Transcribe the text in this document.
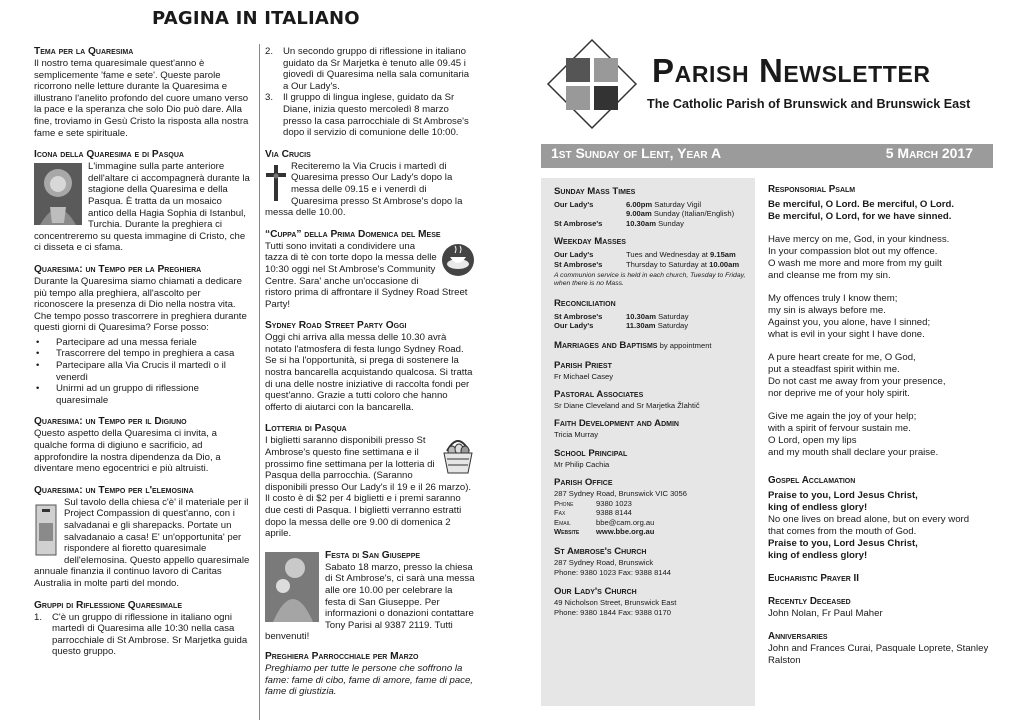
PAGINA IN ITALIANO
Tema per la Quaresima

Il nostro tema quaresimale quest'anno è semplicemente 'fame e sete'. Queste parole ricorrono nelle letture durante la Quaresima e illustrano l'anelito profondo del cuore umano verso la pace e la speranza che solo Dio può dare. Alla fine, troviamo in Gesù Cristo la risposta alla nostra fame e sete spirituale.

Icona della Quaresima e di Pasqua

L'immagine sulla parte anteriore dell'altare ci accompagnerà durante la stagione della Quaresima e della Pasqua. È tratta da un mosaico antico della Hagia Sophia di Istanbul, Turchia. Durante la preghiera ci concentreremo su questa immagine di Cristo, che ci disseta e ci sfama.

Quaresima: un Tempo per la Preghiera

Durante la Quaresima siamo chiamati a dedicare più tempo alla preghiera, all'ascolto per riconoscere la presenza di Dio nella nostra vita. Che tempo posso trascorrere in preghiera durante questi giorni di Quaresima? Forse posso:

• Partecipare ad una messa feriale
• Trascorrere del tempo in preghiera a casa
• Partecipare alla Via Crucis il martedì o il venerdì
• Unirmi ad un gruppo di riflessione quaresimale
Quaresima: un Tempo per il Digiuno

Questo aspetto della Quaresima ci invita, a qualche forma di digiuno e sacrificio, ad approfondire la nostra dipendenza da Dio, a diventare meno egocentrici e più altruisti.

Quaresima: un Tempo per l'elemosina

Sul tavolo della chiesa c'è' il materiale per il Project Compassion di quest'anno, con i salvadanai e gli sharepacks. Portate un salvadanaio a casa! E' un'opportunita' per rispondere al fioretto quaresimale dell'elemosina. Questo appello quaresimale annuale finanzia il continuo lavoro di Caritas Australia in molte parti del mondo.

Gruppi di Riflessione Quaresimale
1. C'è un gruppo di riflessione in italiano ogni martedì di Quaresima alle 10:30 nella casa parrocchiale di St Ambrose. Sr Marjetka guida questo gruppo.
2. Un secondo gruppo di riflessione in italiano guidato da Sr Marjetka è tenuto alle 09.45 i giovedì di Quaresima nella sala comunitaria a Our Lady's.
3. Il gruppo di lingua inglese, guidato da Sr Diane, inizia questo mercoledì 8 marzo presso la casa parrocchiale di St Ambrose's dopo il servizio di comunione delle 10:00.
Via Crucis

Reciteremo la Via Crucis i martedì di Quaresima presso Our Lady's dopo la messa delle 09.15 e i venerdì di Quaresima presso St Ambrose's dopo la messa delle 10.00.

“Cuppa” della Prima Domenica del Mese

Tutti sono invitati a condividere una tazza di tè con torte dopo la messa delle 10:30 oggi nel St Ambrose's Community Centre. Sara' anche un'occasione di ristoro prima di affrontare il Sydney Road Street Party!

Sydney Road Street Party Oggi

Oggi chi arriva alla messa delle 10.30 avrà notato l'atmosfera di festa lungo Sydney Road. Se si ha l'opportunità, si prega di sostenere la nostra bancarella acquistando qualcosa. Si tratta di una delle nostre iniziative di raccolta fondi per quest'anno. Grazie a tutti coloro che hanno offerto di aiutarci con la bancarella.

Lotteria di Pasqua

I biglietti saranno disponibili presso St Ambrose's questo fine settimana e il prossimo fine settimana per la lotteria di Pasqua della parrocchia. (Saranno disponibili presso Our Lady's il 19 e il 26 marzo). Il costo è di $2 per 4 biglietti e i premi saranno due cesti di Pasqua. I biglietti verranno estratti dopo la messa delle ore 9.00 di domenica 2 aprile.

Festa di San Giuseppe

Sabato 18 marzo, presso la chiesa di St Ambrose's, ci sarà una messa alle ore 10.00 per celebrare la festa di San Giuseppe. Per informazioni o donazioni contattare Tony Parisi al 9387 2119. Tutti benvenuti!

Preghiera Parrocchiale per Marzo

Preghiamo per tutte le persone che soffrono la fame: fame di cibo, fame di amore, fame di pace, fame di giustizia.

Parish Newsletter
The Catholic Parish of Brunswick and Brunswick East
1st Sunday of Lent, Year A	5 March 2017
Sunday Mass Times
Our Lady's	6.00pm Saturday Vigil
9.00am Sunday (Italian/English)
St Ambrose's	10.30am Sunday
Weekday Masses
Our Lady's	Tues and Wednesday at 9.15am
St Ambrose's	Thursday to Saturday at 10.00am

A communion service is held in each church, Tuesday to Friday, when there is no Mass.

Reconciliation
St Ambrose's	10.30am Saturday
Our Lady's	11.30am Saturday
Marriages and Baptisms by appointment
Parish Priest

Fr Michael Casey

Pastoral Associates

Sr Diane Cleveland and Sr Marjetka Žlahtič

Faith Development and Admin

Tricia Murray

School Principal

Mr Philip Cachia

Parish Office

287 Sydney Road, Brunswick VIC 3056

Phone	9380 1023
Fax	9388 8144
Email	bbe@cam.org.au
Website	www.bbe.org.au
St Ambrose's Church

287 Sydney Road, Brunswick

Phone: 9380 1023 Fax: 9388 8144

Our Lady's Church

49 Nicholson Street, Brunswick East

Phone: 9380 1844 Fax: 9388 0170

Responsorial Psalm

Be merciful, O Lord. Be merciful, O Lord.

Be merciful, O Lord, for we have sinned.

Have mercy on me, God, in your kindness.

In your compassion blot out my offence.

O wash me more and more from my guilt

and cleanse me from my sin.

My offences truly I know them;

my sin is always before me.

Against you, you alone, have I sinned;

what is evil in your sight I have done.

A pure heart create for me, O God,

put a steadfast spirit within me.

Do not cast me away from your presence,

nor deprive me of your holy spirit.

Give me again the joy of your help;

with a spirit of fervour sustain me.

O Lord, open my lips

and my mouth shall declare your praise.

Gospel Acclamation

Praise to you, Lord Jesus Christ,

king of endless glory!

No one lives on bread alone, but on every word

that comes from the mouth of God.

Praise to you, Lord Jesus Christ,

king of endless glory!

Eucharistic Prayer II
Recently Deceased

John Nolan, Fr Paul Maher

Anniversaries

John and Frances Curai, Pasquale Loprete, Stanley Ralston
